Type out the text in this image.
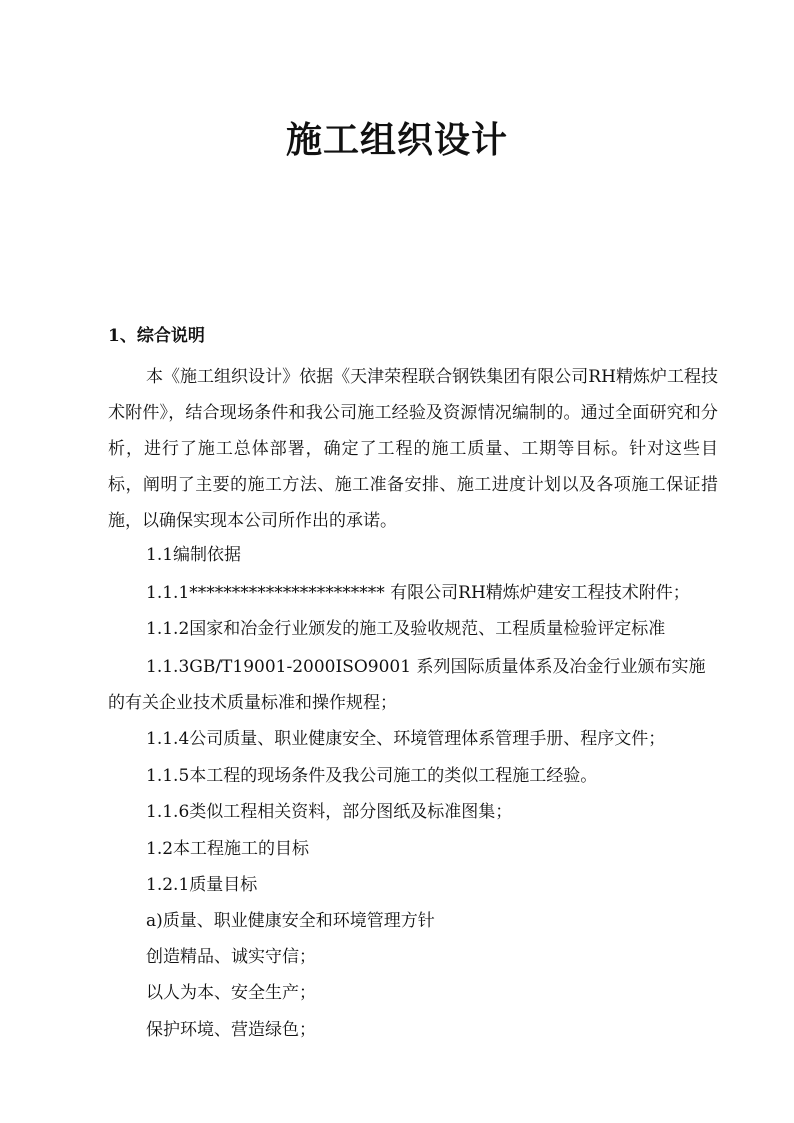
施工组织设计
1、综合说明
本《施工组织设计》依据《天津荣程联合钢铁集团有限公司RH精炼炉工程技术附件》，结合现场条件和我公司施工经验及资源情况编制的。通过全面研究和分析，进行了施工总体部署，确定了工程的施工质量、工期等目标。针对这些目标，阐明了主要的施工方法、施工准备安排、施工进度计划以及各项施工保证措施，以确保实现本公司所作出的承诺。
1.1编制依据
1.1.1*********************** 有限公司RH精炼炉建安工程技术附件；
1.1.2国家和冶金行业颁发的施工及验收规范、工程质量检验评定标准
1.1.3GB/T19001-2000ISO9001 系列国际质量体系及冶金行业颁布实施
的有关企业技术质量标准和操作规程；
1.1.4公司质量、职业健康安全、环境管理体系管理手册、程序文件；
1.1.5本工程的现场条件及我公司施工的类似工程施工经验。
1.1.6类似工程相关资料，部分图纸及标准图集；
1.2本工程施工的目标
1.2.1质量目标
a)质量、职业健康安全和环境管理方针
创造精品、诚实守信；
以人为本、安全生产；
保护环境、营造绿色；
